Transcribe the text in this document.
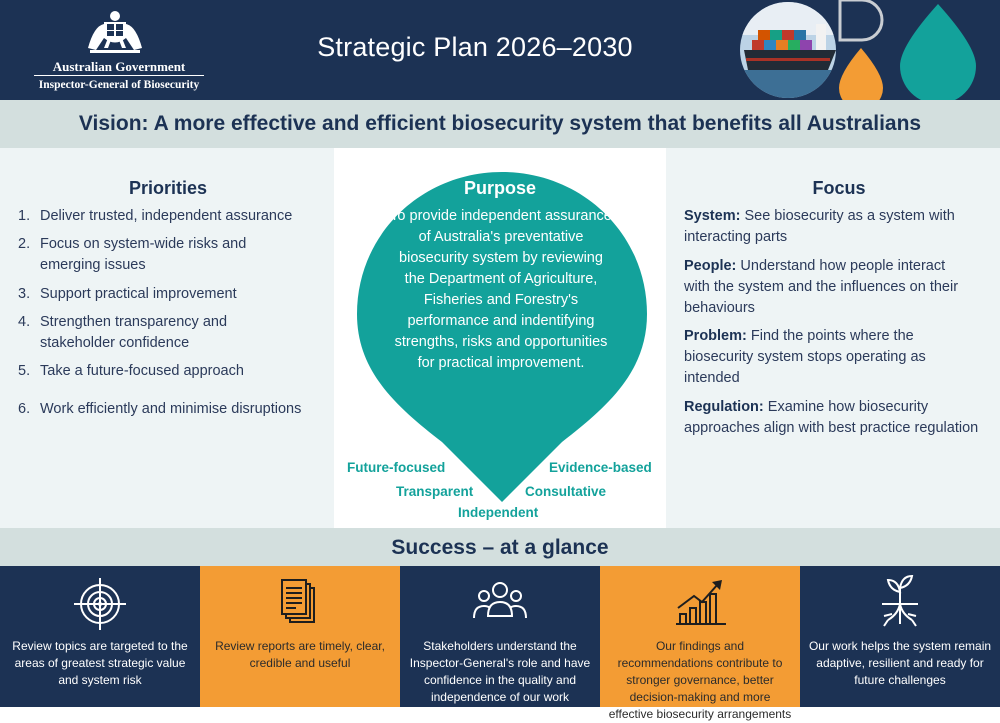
Australian Government
Inspector-General of Biosecurity
Strategic Plan 2026–2030
Vision: A more effective and efficient biosecurity system that benefits all Australians
Priorities
1. Deliver trusted, independent assurance
2. Focus on system-wide risks and emerging issues
3. Support practical improvement
4. Strengthen transparency and stakeholder confidence
5. Take a future-focused approach
6. Work efficiently and minimise disruptions
Purpose
To provide independent assurance of Australia's preventative biosecurity system by reviewing the Department of Agriculture, Fisheries and Forestry's performance and indentifying strengths, risks and opportunities for practical improvement.
Future-focused	Evidence-based
Transparent	Consultative
Independent
Focus
System: See biosecurity as a system with interacting parts
People: Understand how people interact with the system and the influences on their behaviours
Problem: Find the points where the biosecurity system stops operating as intended
Regulation: Examine how biosecurity approaches align with best practice regulation
Success – at a glance
Review topics are targeted to the areas of greatest strategic value and system risk
Review reports are timely, clear, credible and useful
Stakeholders understand the Inspector-General's role and have confidence in the quality and independence of our work
Our findings and recommendations contribute to stronger governance, better decision-making and more effective biosecurity arrangements
Our work helps the system remain adaptive, resilient and ready for future challenges
